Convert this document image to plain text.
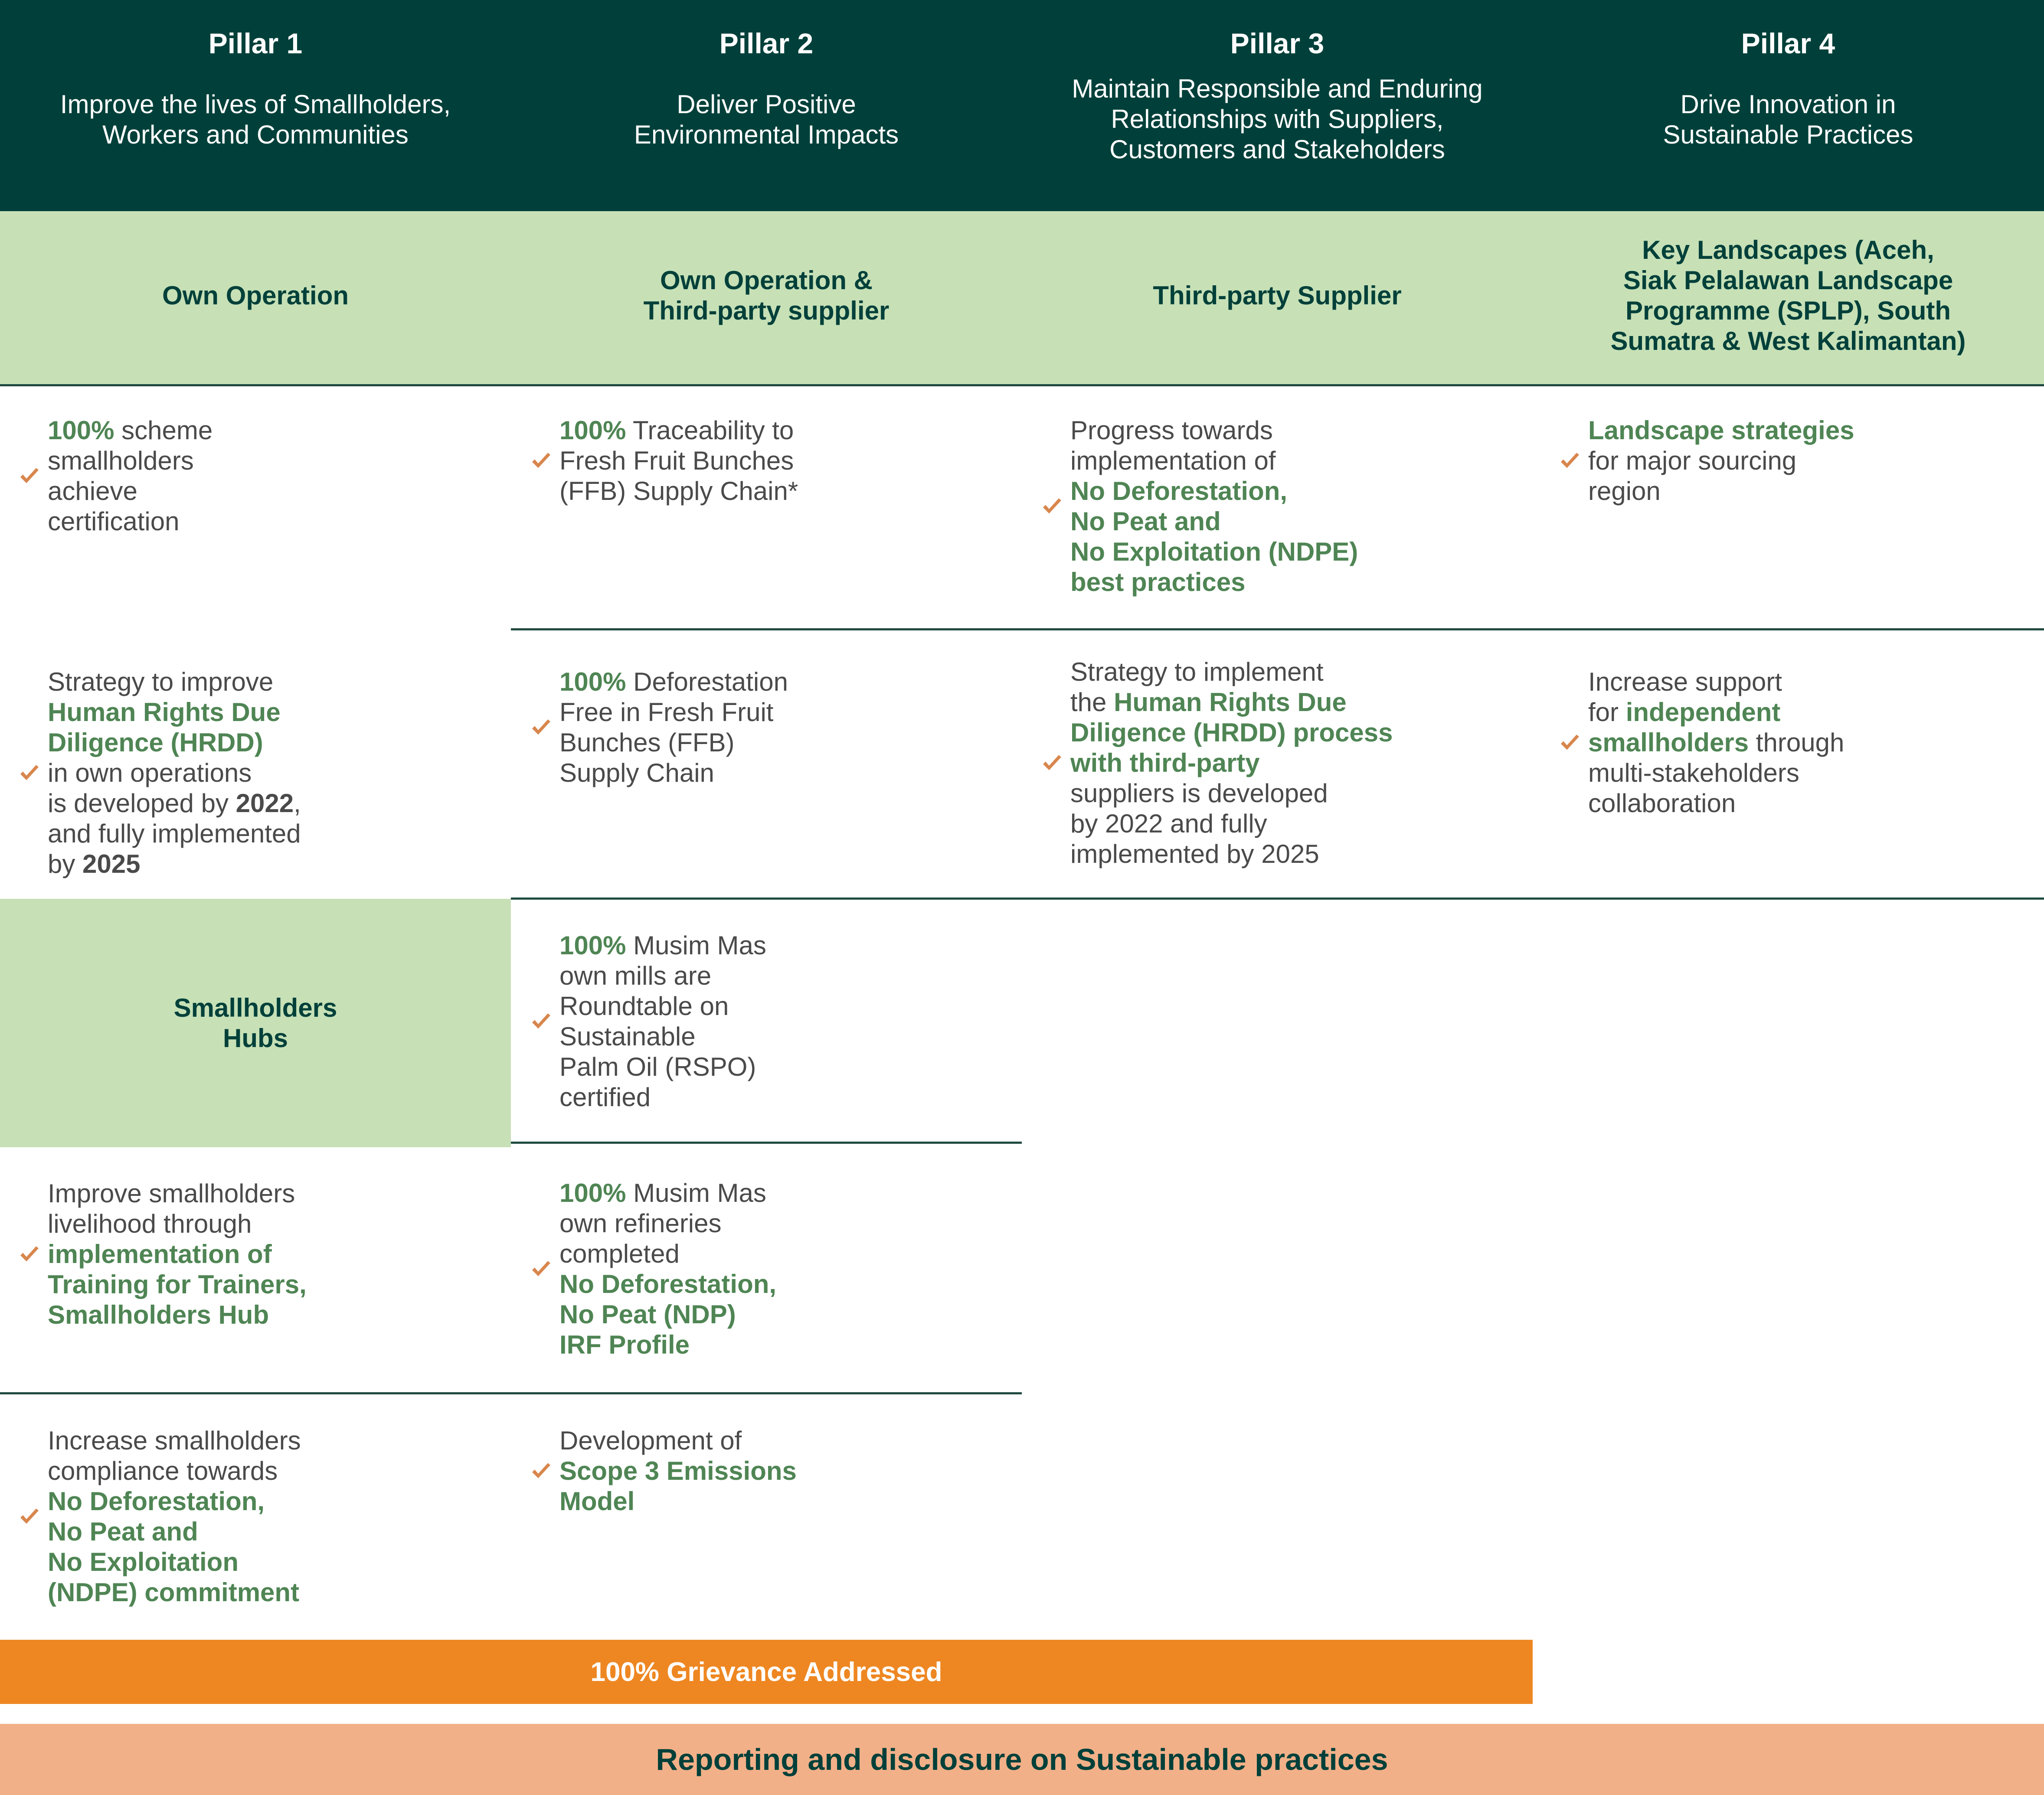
Pillar 1
Improve the lives of Smallholders,
Workers and Communities
Pillar 2
Deliver Positive
Environmental Impacts
Pillar 3
Maintain Responsible and Enduring
Relationships with Suppliers,
Customers and Stakeholders
Pillar 4
Drive Innovation in
Sustainable Practices
Own Operation
Own Operation &
Third-party supplier
Third-party Supplier
Key Landscapes (Aceh,
Siak Pelalawan Landscape
Programme (SPLP), South
Sumatra & West Kalimantan)
Smallholders
Hubs
100% scheme
smallholders
achieve
certification
Strategy to improve
Human Rights Due
Diligence (HRDD)
in own operations
is developed by 2022,
and fully implemented
by 2025
Improve smallholders
livelihood through
implementation of
Training for Trainers,
Smallholders Hub
Increase smallholders
compliance towards
No Deforestation,
No Peat and
No Exploitation
(NDPE) commitment
100% Traceability to
Fresh Fruit Bunches
(FFB) Supply Chain*
100% Deforestation
Free in Fresh Fruit
Bunches (FFB)
Supply Chain
100% Musim Mas
own mills are
Roundtable on
Sustainable
Palm Oil (RSPO)
certified
100% Musim Mas
own refineries
completed
No Deforestation,
No Peat (NDP)
IRF Profile
Development of
Scope 3 Emissions
Model
Progress towards
implementation of
No Deforestation,
No Peat and
No Exploitation (NDPE)
best practices
Strategy to implement
the Human Rights Due
Diligence (HRDD) process
with third-party
suppliers is developed
by 2022 and fully
implemented by 2025
Landscape strategies
for major sourcing
region
Increase support
for independent
smallholders through
multi-stakeholders
collaboration
100% Grievance Addressed
Reporting and disclosure on Sustainable practices
